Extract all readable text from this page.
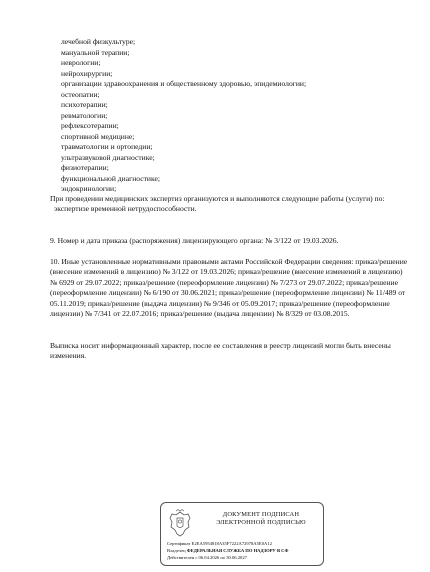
лечебной физкультуре;
мануальной терапии;
неврологии;
нейрохирургии;
организации здравоохранения и общественному здоровью, эпидемиологии;
остеопатии;
психотерапии;
ревматологии;
рефлексотерапии;
спортивной медицине;
травматологии и ортопедии;
ультразвуковой диагностике;
физиотерапии;
функциональной диагностике;
эндокринологии;
При проведении медицинских экспертиз организуются и выполняются следующие работы (услуги) по:
экспертизе временной нетрудоспособности.
9. Номер и дата приказа (распоряжения) лицензирующего органа: № 3/122 от 19.03.2026.
10. Иные установленные нормативными правовыми актами Российской Федерации сведения: приказ/решение (внесение изменений в лицензию) № 3/122 от 19.03.2026; приказ/решение (внесение изменений в лицензию) № 6929 от 29.07.2022; приказ/решение (переоформление лицензии) № 7/273 от 29.07.2022; приказ/решение (переоформление лицензии) № 6/190 от 30.06.2021; приказ/решение (переоформление лицензии) № 11/489 от 05.11.2019; приказ/решение (выдача лицензии) № 9/346 от 05.09.2017; приказ/решение (переоформление лицензии) № 7/341 от 22.07.2016; приказ/решение (выдача лицензии) № 8/329 от 03.08.2015.
Выписка носит информационный характер, после ее составления в реестр лицензий могли быть внесены изменения.
ДОКУМЕНТ ПОДПИСАН
ЭЛЕКТРОННОЙ ПОДПИСЬЮ
Сертификат E2EA5954818A35F7222A72978A5E0A12
Владелец ФЕДЕРАЛЬНАЯ СЛУЖБА ПО НАДЗОРУ В СФ
Действителен с 06.04.2026 по 30.06.2027
